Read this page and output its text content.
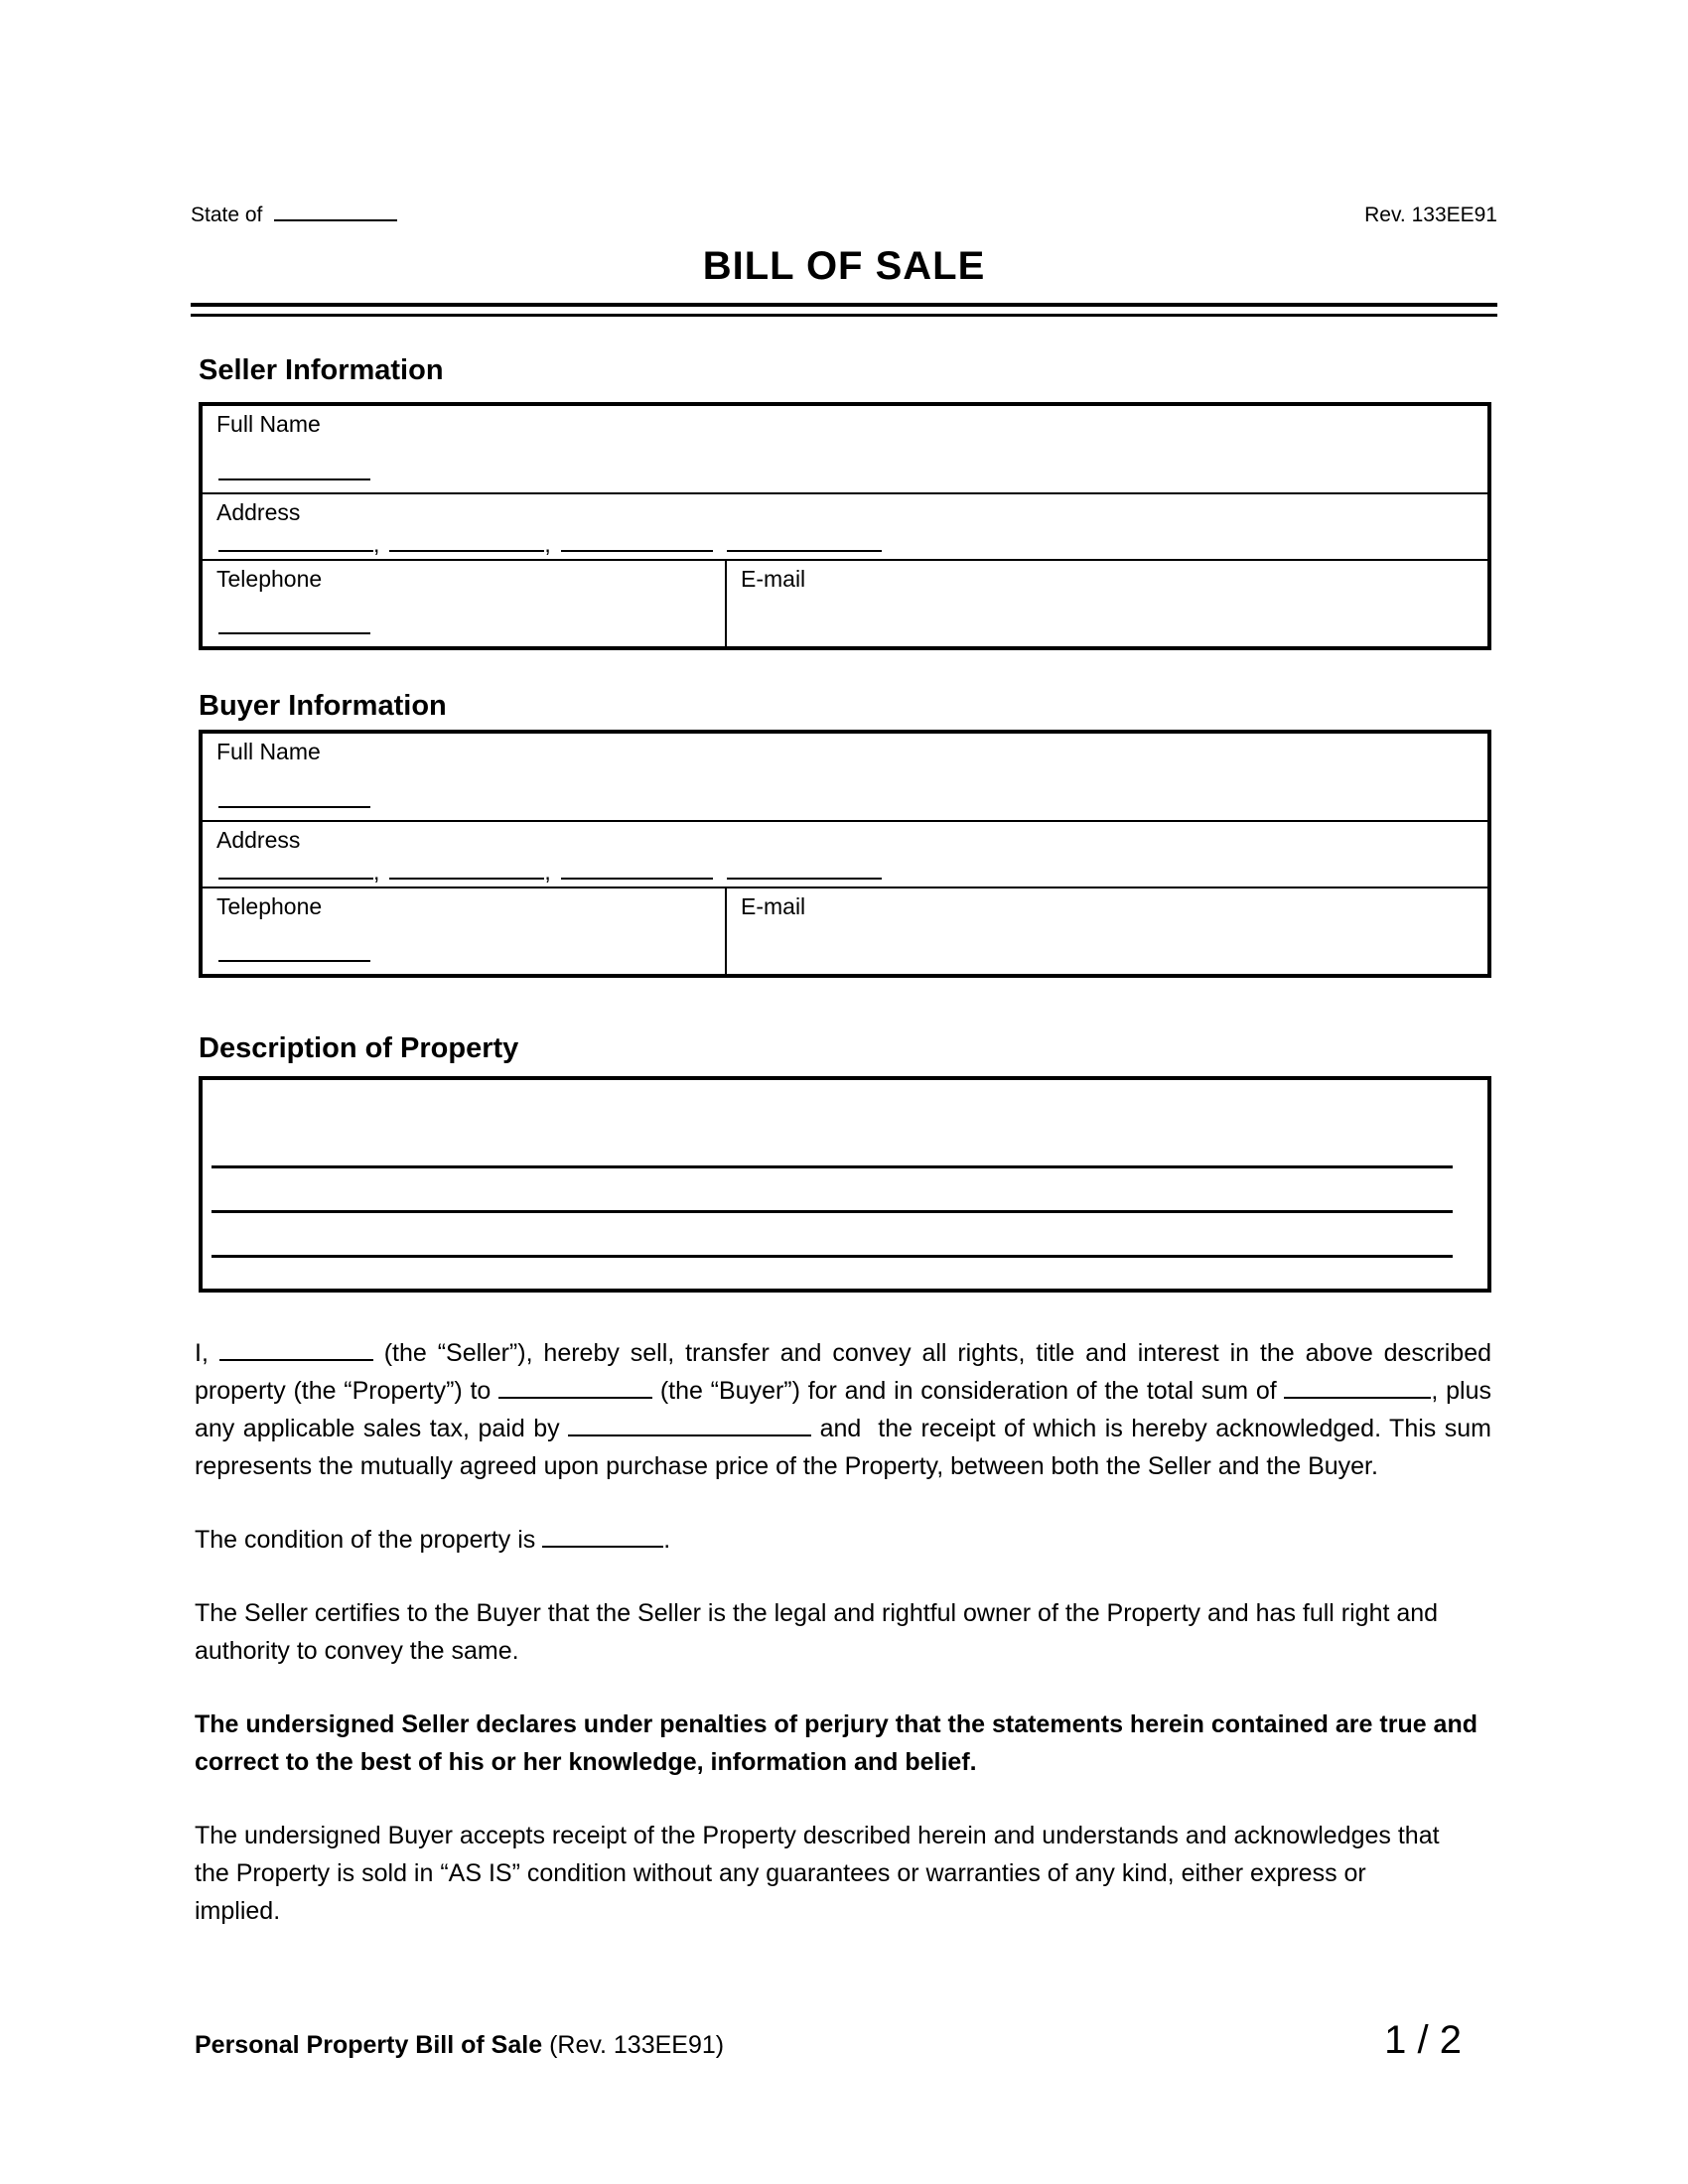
State of	Rev. 133EE91
BILL OF SALE
Seller Information
Full Name
Address
,	,
Telephone	E-mail
Buyer Information
Full Name
Address
,	,
Telephone	E-mail
Description of Property

I,	(the “Seller”), hereby sell, transfer and convey all rights, title and interest in the above described property (the “Property”) to	(the “Buyer”) for and in consideration of the total sum of	, plus any applicable sales tax, paid by	and  the receipt of which is hereby acknowledged. This sum represents the mutually agreed upon purchase price of the Property, between both the Seller and the Buyer.

The condition of the property is	.

The Seller certifies to the Buyer that the Seller is the legal and rightful owner of the Property and has full right and authority to convey the same.

The undersigned Seller declares under penalties of perjury that the statements herein contained are true and correct to the best of his or her knowledge, information and belief.

The undersigned Buyer accepts receipt of the Property described herein and understands and acknowledges that the Property is sold in “AS IS” condition without any guarantees or warranties of any kind, either express or implied.

Personal Property Bill of Sale (Rev. 133EE91)	1 / 2
